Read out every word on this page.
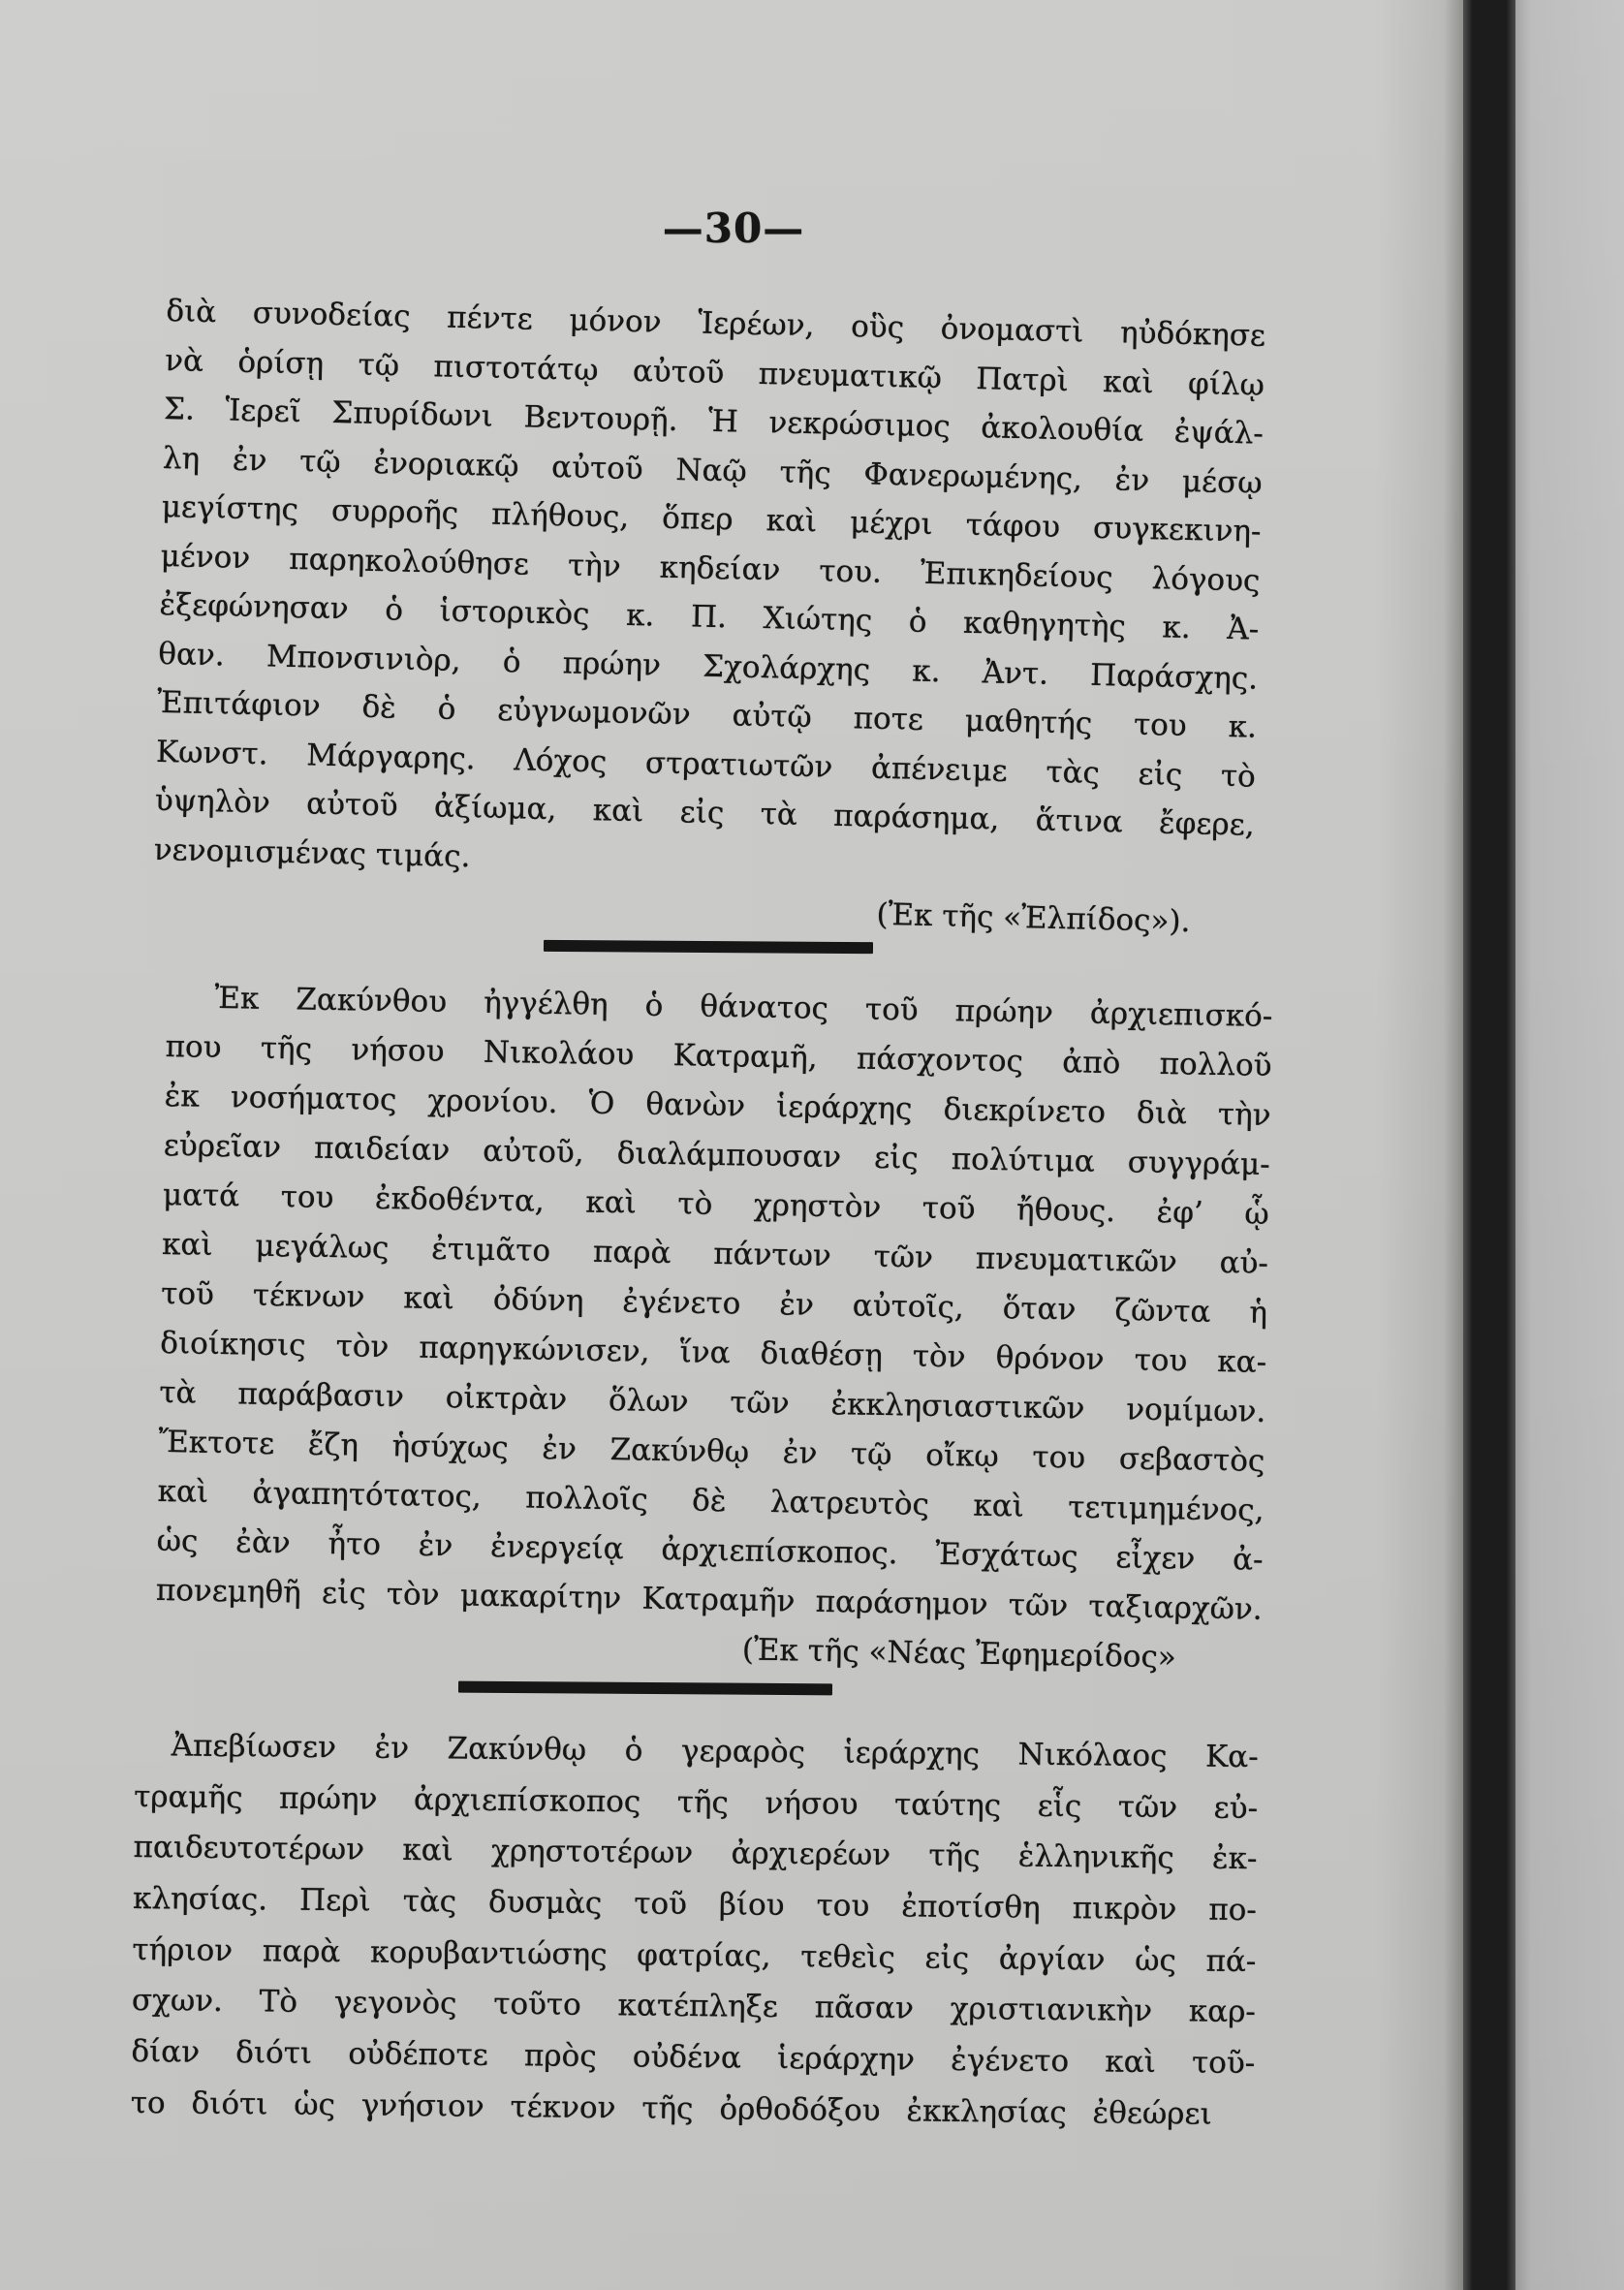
—30—
διὰ συνοδείας πέντε μόνον Ἱερέων, οὓς ὀνομαστὶ ηὐδόκησε
νὰ ὁρίσῃ τῷ πιστοτάτῳ αὐτοῦ πνευματικῷ Πατρὶ καὶ φίλῳ
Σ. Ἱερεῖ Σπυρίδωνι Βεντουρῇ. Ἡ νεκρώσιμος ἀκολουθία ἐψάλ-
λη ἐν τῷ ἐνοριακῷ αὐτοῦ Ναῷ τῆς Φανερωμένης, ἐν μέσῳ
μεγίστης συρροῆς πλήθους, ὅπερ καὶ μέχρι τάφου συγκεκινη-
μένον παρηκολούθησε τὴν κηδείαν του. Ἐπικηδείους λόγους
ἐξεφώνησαν ὁ ἱστορικὸς κ. Π. Χιώτης ὁ καθηγητὴς κ. Ἀ-
θαν. Μπονσινιὸρ, ὁ πρώην Σχολάρχης κ. Ἀντ. Παράσχης.
Ἐπιτάφιον δὲ ὁ εὐγνωμονῶν αὐτῷ ποτε μαθητής του κ.
Κωνστ. Μάργαρης. Λόχος στρατιωτῶν ἀπένειμε τὰς εἰς τὸ
ὑψηλὸν αὐτοῦ ἀξίωμα, καὶ εἰς τὰ παράσημα, ἅτινα ἔφερε,
νενομισμένας τιμάς.
(Ἐκ τῆς «Ἐλπίδος»).
Ἐκ Ζακύνθου ἠγγέλθη ὁ θάνατος τοῦ πρώην ἀρχιεπισκό-
που τῆς νήσου Νικολάου Κατραμῆ, πάσχοντος ἀπὸ πολλοῦ
ἐκ νοσήματος χρονίου. Ὁ θανὼν ἱεράρχης διεκρίνετο διὰ τὴν
εὐρεῖαν παιδείαν αὐτοῦ, διαλάμπουσαν εἰς πολύτιμα συγγράμ-
ματά του ἐκδοθέντα, καὶ τὸ χρηστὸν τοῦ ἤθους. ἐφ’ ᾧ
καὶ μεγάλως ἐτιμᾶτο παρὰ πάντων τῶν πνευματικῶν αὐ-
τοῦ τέκνων καὶ ὀδύνη ἐγένετο ἐν αὐτοῖς, ὅταν ζῶντα ἡ
διοίκησις τὸν παρηγκώνισεν, ἵνα διαθέσῃ τὸν θρόνον του κα-
τὰ παράβασιν οἰκτρὰν ὅλων τῶν ἐκκλησιαστικῶν νομίμων.
Ἔκτοτε ἔζη ἡσύχως ἐν Ζακύνθῳ ἐν τῷ οἴκῳ του σεβαστὸς
καὶ ἀγαπητότατος, πολλοῖς δὲ λατρευτὸς καὶ τετιμημένος,
ὡς ἐὰν ἦτο ἐν ἐνεργείᾳ ἀρχιεπίσκοπος. Ἐσχάτως εἶχεν ἀ-
πονεμηθῆ εἰς τὸν μακαρίτην Κατραμῆν παράσημον τῶν ταξιαρχῶν.
(Ἐκ τῆς «Νέας Ἐφημερίδος»
Ἀπεβίωσεν ἐν Ζακύνθῳ ὁ γεραρὸς ἱεράρχης Νικόλαος Κα-
τραμῆς πρώην ἀρχιεπίσκοπος τῆς νήσου ταύτης εἷς τῶν εὐ-
παιδευτοτέρων καὶ χρηστοτέρων ἀρχιερέων τῆς ἑλληνικῆς ἐκ-
κλησίας. Περὶ τὰς δυσμὰς τοῦ βίου του ἐποτίσθη πικρὸν πο-
τήριον παρὰ κορυβαντιώσης φατρίας, τεθεὶς εἰς ἀργίαν ὡς πά-
σχων. Τὸ γεγονὸς τοῦτο κατέπληξε πᾶσαν χριστιανικὴν καρ-
δίαν διότι οὐδέποτε πρὸς οὐδένα ἱεράρχην ἐγένετο καὶ τοῦ-
το διότι ὡς γνήσιον τέκνον τῆς ὀρθοδόξου ἐκκλησίας ἐθεώρει
